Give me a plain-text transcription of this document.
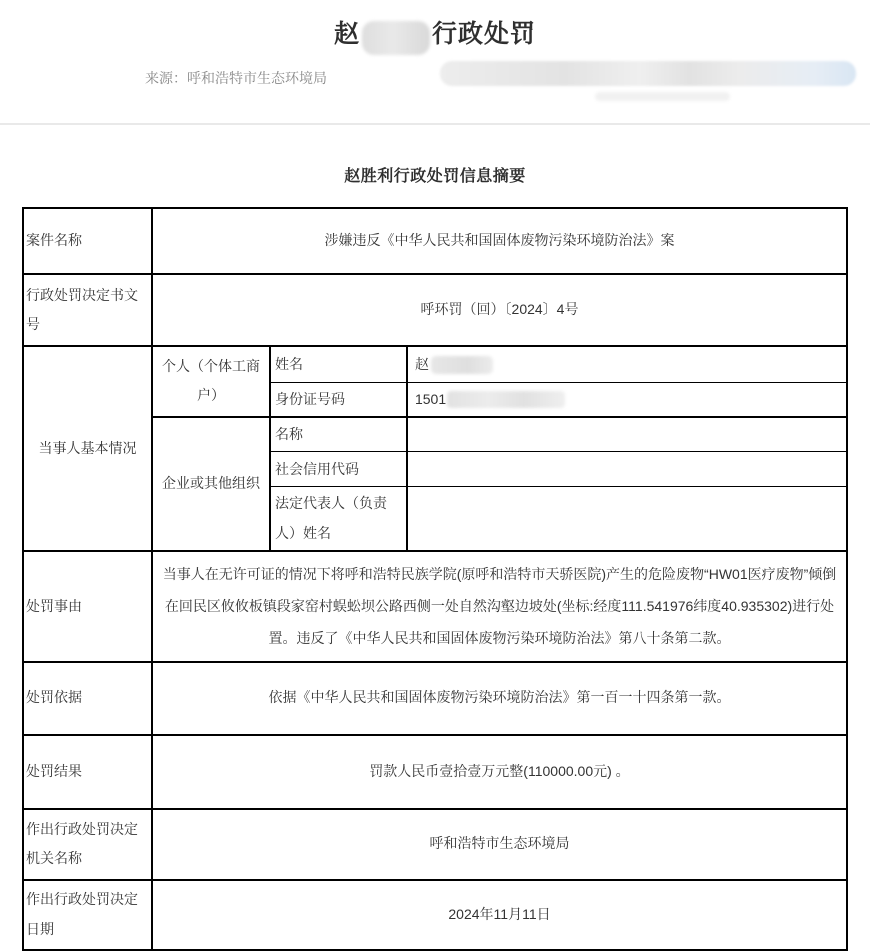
赵	行政处罚
来源：呼和浩特市生态环境局
赵胜利行政处罚信息摘要
案件名称	涉嫌违反《中华人民共和国固体废物污染环境防治法》案		
行政处罚决定书文号	呼环罚（回）〔2024〕4号		
当事人基本情况	个人（个体工商户）	姓名	赵
		身份证号码	1501
	企业或其他组织	名称	
		社会信用代码	
		法定代表人（负责人）姓名	
处罚事由	当事人在无许可证的情况下将呼和浩特民族学院(原呼和浩特市天骄医院)产生的危险废物“HW01医疗废物”倾倒在回民区攸攸板镇段家窑村蜈蚣坝公路西侧一处自然沟壑边坡处(坐标:经度111.541976纬度40.935302)进行处置。违反了《中华人民共和国固体废物污染环境防治法》第八十条第二款。		
处罚依据	依据《中华人民共和国固体废物污染环境防治法》第一百一十四条第一款。		
处罚结果	罚款人民币壹拾壹万元整(110000.00元) 。		
作出行政处罚决定机关名称	呼和浩特市生态环境局		
作出行政处罚决定日期	2024年11月11日		
